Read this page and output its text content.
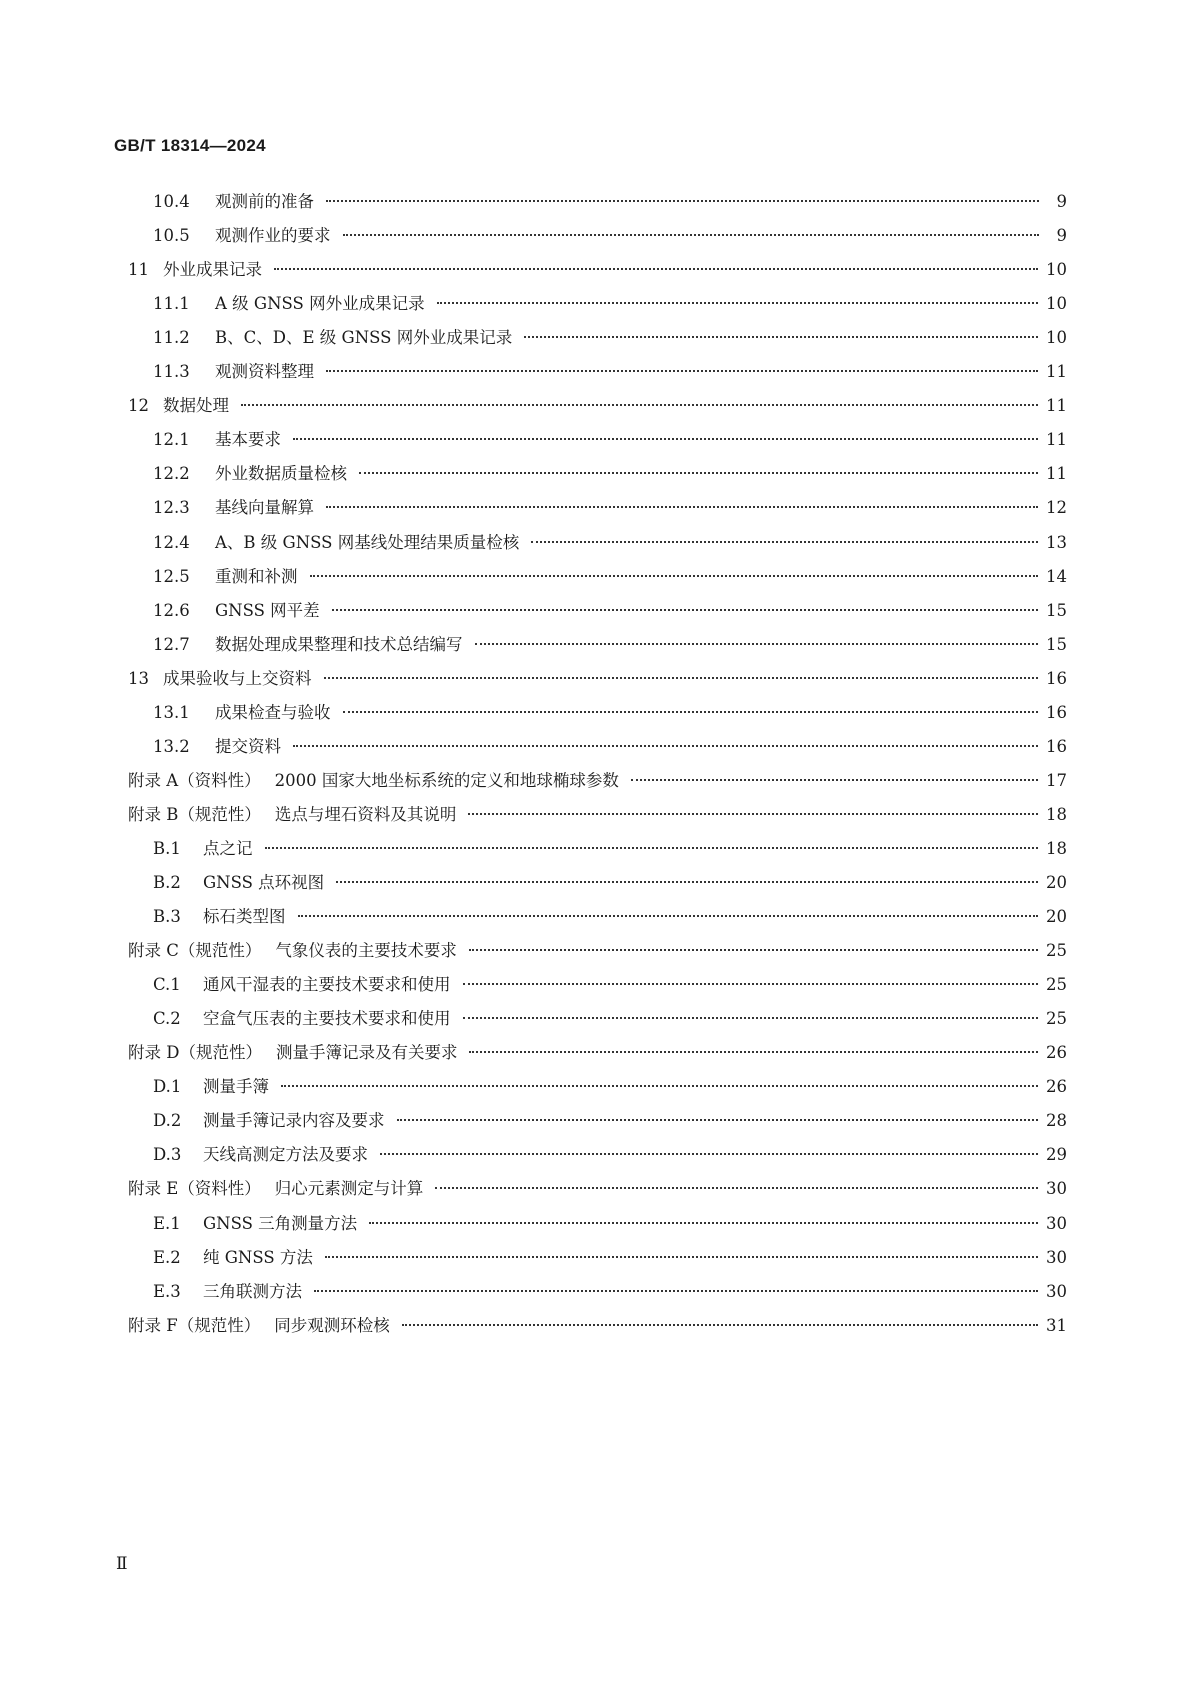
GB/T 18314—2024
10.4	观测前的准备	9
10.5	观测作业的要求	9
11 外业成果记录	10
11.1	A 级 GNSS 网外业成果记录	10
11.2	B、C、D、E 级 GNSS 网外业成果记录	10
11.3	观测资料整理	11
12 数据处理	11
12.1	基本要求	11
12.2	外业数据质量检核	11
12.3	基线向量解算	12
12.4	A、B 级 GNSS 网基线处理结果质量检核	13
12.5	重测和补测	14
12.6	GNSS 网平差	15
12.7	数据处理成果整理和技术总结编写	15
13 成果验收与上交资料	16
13.1	成果检查与验收	16
13.2	提交资料	16
附录 A（资料性） 2000 国家大地坐标系统的定义和地球椭球参数	17
附录 B（规范性） 选点与埋石资料及其说明	18
B.1	点之记	18
B.2	GNSS 点环视图	20
B.3	标石类型图	20
附录 C（规范性） 气象仪表的主要技术要求	25
C.1	通风干湿表的主要技术要求和使用	25
C.2	空盒气压表的主要技术要求和使用	25
附录 D（规范性） 测量手簿记录及有关要求	26
D.1	测量手簿	26
D.2	测量手簿记录内容及要求	28
D.3	天线高测定方法及要求	29
附录 E（资料性） 归心元素测定与计算	30
E.1	GNSS 三角测量方法	30
E.2	纯 GNSS 方法	30
E.3	三角联测方法	30
附录 F（规范性） 同步观测环检核	31
Ⅱ
